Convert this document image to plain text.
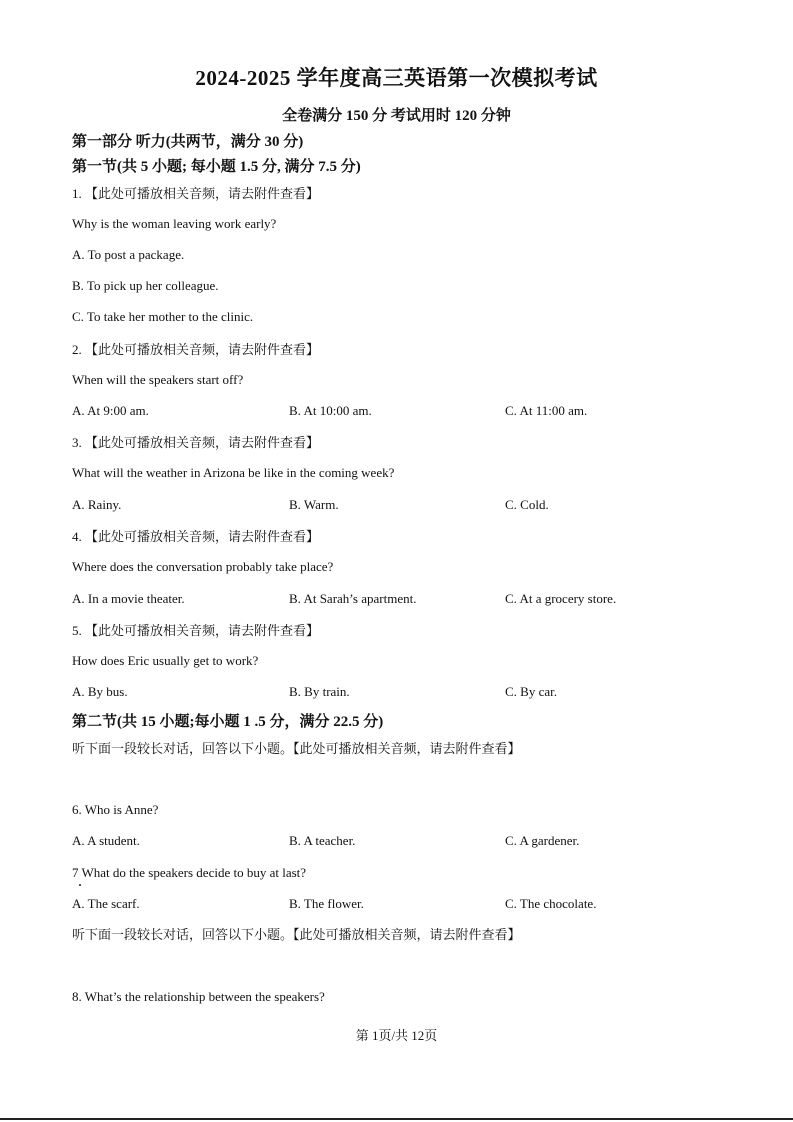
2024-2025 学年度高三英语第一次模拟考试
全卷满分 150 分 考试用时 120 分钟
第一部分 听力(共两节，满分 30 分)
第一节(共 5 小题; 每小题 1.5 分, 满分 7.5 分)
1. 【此处可播放相关音频，请去附件查看】
Why is the woman leaving work early?
A. To post a package.
B. To pick up her colleague.
C. To take her mother to the clinic.
2. 【此处可播放相关音频，请去附件查看】
When will the speakers start off?
A. At 9:00 am.	B. At 10:00 am.	C. At 11:00 am.
3. 【此处可播放相关音频，请去附件查看】
What will the weather in Arizona be like in the coming week?
A. Rainy.	B. Warm.	C. Cold.
4. 【此处可播放相关音频，请去附件查看】
Where does the conversation probably take place?
A. In a movie theater.	B. At Sarah’s apartment.	C. At a grocery store.
5. 【此处可播放相关音频，请去附件查看】
How does Eric usually get to work?
A. By bus.	B. By train.	C. By car.
第二节(共 15 小题;每小题 1 .5 分，满分 22.5 分)
听下面一段较长对话，回答以下小题。【此处可播放相关音频，请去附件查看】
6. Who is Anne?
A. A student.	B. A teacher.	C. A gardener.
7 What do the speakers decide to buy at last?
A. The scarf.	B. The flower.	C. The chocolate.
听下面一段较长对话，回答以下小题。【此处可播放相关音频，请去附件查看】
8. What’s the relationship between the speakers?
第 1页/共 12页
